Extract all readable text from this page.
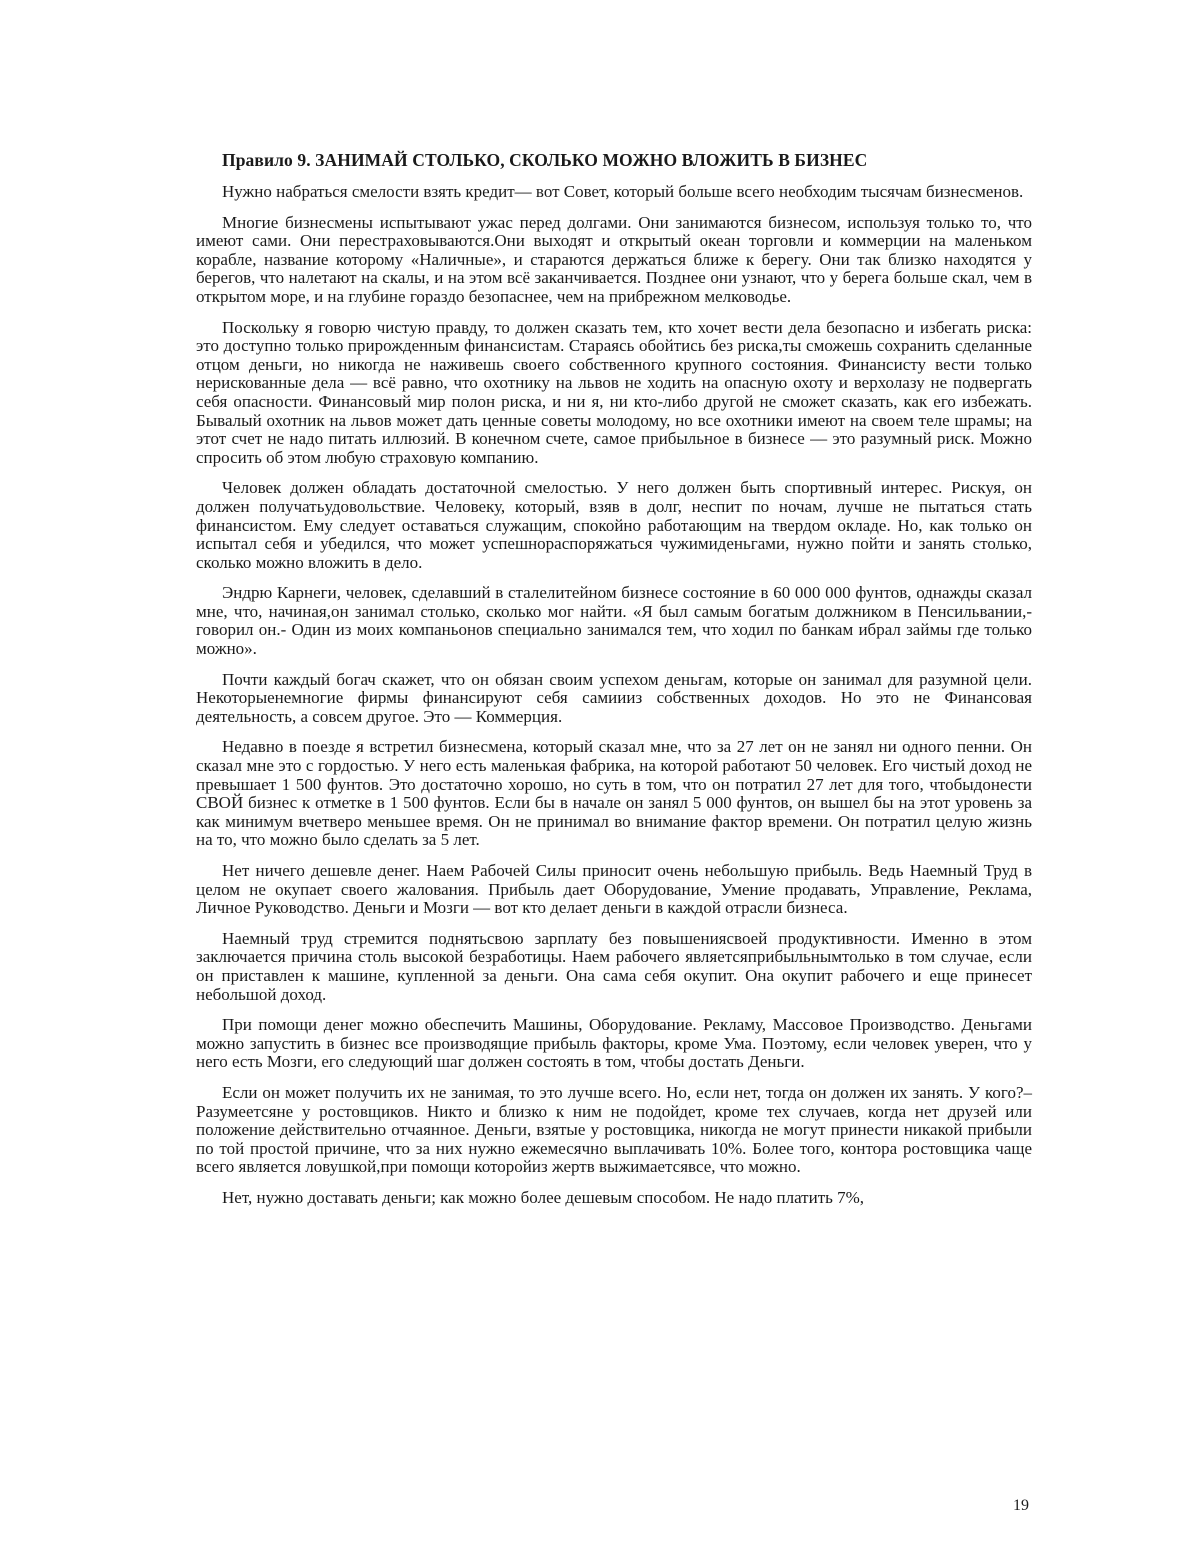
Правило 9. ЗАНИМАЙ СТОЛЬКО, СКОЛЬКО МОЖНО ВЛОЖИТЬ В БИЗНЕС

Нужно набраться смелости взять кредит— вот Совет, который больше всего необходим тысячам бизнесменов.

Многие бизнесмены испытывают ужас перед долгами. Они занимаются бизнесом, используя только то, что имеют сами. Они перестраховываются.Они выходят и открытый океан торговли и коммерции на маленьком корабле, название которому «Наличные», и стараются держаться ближе к берегу. Они так близко находятся у берегов, что налетают на скалы, и на этом всё заканчивается. Позднее они узнают, что у берега больше скал, чем в открытом море, и на глубине гораздо безопаснее, чем на прибрежном мелководье.

Поскольку я говорю чистую правду, то должен сказать тем, кто хочет вести дела безопасно и избегать риска: это доступно только прирожденным финансистам. Стараясь обойтись без риска,ты сможешь сохранить сделанные отцом деньги, но никогда не наживешь своего собственного крупного состояния. Финансисту вести только нерискованные дела — всё равно, что охотнику на львов не ходить на опасную охоту и верхолазу не подвергать себя опасности. Финансовый мир полон риска, и ни я, ни кто-либо другой не сможет сказать, как его избежать. Бывалый охотник на львов может дать ценные советы молодому, но все охотники имеют на своем теле шрамы; на этот счет не надо питать иллюзий. В конечном счете, самое прибыльное в бизнесе — это разумный риск. Можно спросить об этом любую страховую компанию.

Человек должен обладать достаточной смелостью. У него должен быть спортивный интерес. Рискуя, он должен получатьудовольствие. Человеку, который, взяв в долг, неспит по ночам, лучше не пытаться стать финансистом. Ему следует оставаться служащим, спокойно работающим на твердом окладе. Но, как только он испытал себя и убедился, что может успешнораспоряжаться чужимиденьгами, нужно пойти и занять столько, сколько можно вложить в дело.

Эндрю Карнеги, человек, сделавший в сталелитейном бизнесе состояние в 60 000 000 фунтов, однажды сказал мне, что, начиная,он занимал столько, сколько мог найти. «Я был самым богатым должником в Пенсильвании,- говорил он.- Один из моих компаньонов специально занимался тем, что ходил по банкам ибрал займы где только можно».

Почти каждый богач скажет, что он обязан своим успехом деньгам, которые он занимал для разумной цели. Некоторыенемногие фирмы финансируют себя самиииз собственных доходов. Но это не Финансовая деятельность, а совсем другое. Это — Коммерция.

Недавно в поезде я встретил бизнесмена, который сказал мне, что за 27 лет он не занял ни одного пенни. Он сказал мне это с гордостью. У него есть маленькая фабрика, на которой работают 50 человек. Его чистый доход не превышает 1 500 фунтов. Это достаточно хорошо, но суть в том, что он потратил 27 лет для того, чтобыдонести СВОЙ бизнес к отметке в 1 500 фунтов. Если бы в начале он занял 5 000 фунтов, он вышел бы на этот уровень за как минимум вчетверо меньшее время. Он не принимал во внимание фактор времени. Он потратил целую жизнь на то, что можно было сделать за 5 лет.

Нет ничего дешевле денег. Наем Рабочей Силы приносит очень небольшую прибыль. Ведь Наемный Труд в целом не окупает своего жалования. Прибыль дает Оборудование, Умение продавать, Управление, Реклама, Личное Руководство. Деньги и Мозги — вот кто делает деньги в каждой отрасли бизнеса.

Наемный труд стремится поднятьсвою зарплату без повышениясвоей продуктивности. Именно в этом заключается причина столь высокой безработицы. Наем рабочего являетсяприбыльнымтолько в том случае, если он приставлен к машине, купленной за деньги. Она сама себя окупит. Она окупит рабочего и еще принесет небольшой доход.

При помощи денег можно обеспечить Машины, Оборудование. Рекламу, Массовое Производство. Деньгами можно запустить в бизнес все производящие прибыль факторы, кроме Ума. Поэтому, если человек уверен, что у него есть Мозги, его следующий шаг должен состоять в том, чтобы достать Деньги.

Если он может получить их не занимая, то это лучше всего. Но, если нет, тогда он должен их занять. У кого?– Разумеетсяне у ростовщиков. Никто и близко к ним не подойдет, кроме тех случаев, когда нет друзей или положение действительно отчаянное. Деньги, взятые у ростовщика, никогда не могут принести никакой прибыли по той простой причине, что за них нужно ежемесячно выплачивать 10%. Более того, контора ростовщика чаще всего является ловушкой,при помощи которойиз жертв выжимаетсявсе, что можно.

Нет, нужно доставать деньги; как можно более дешевым способом. Не надо платить 7%,

19
